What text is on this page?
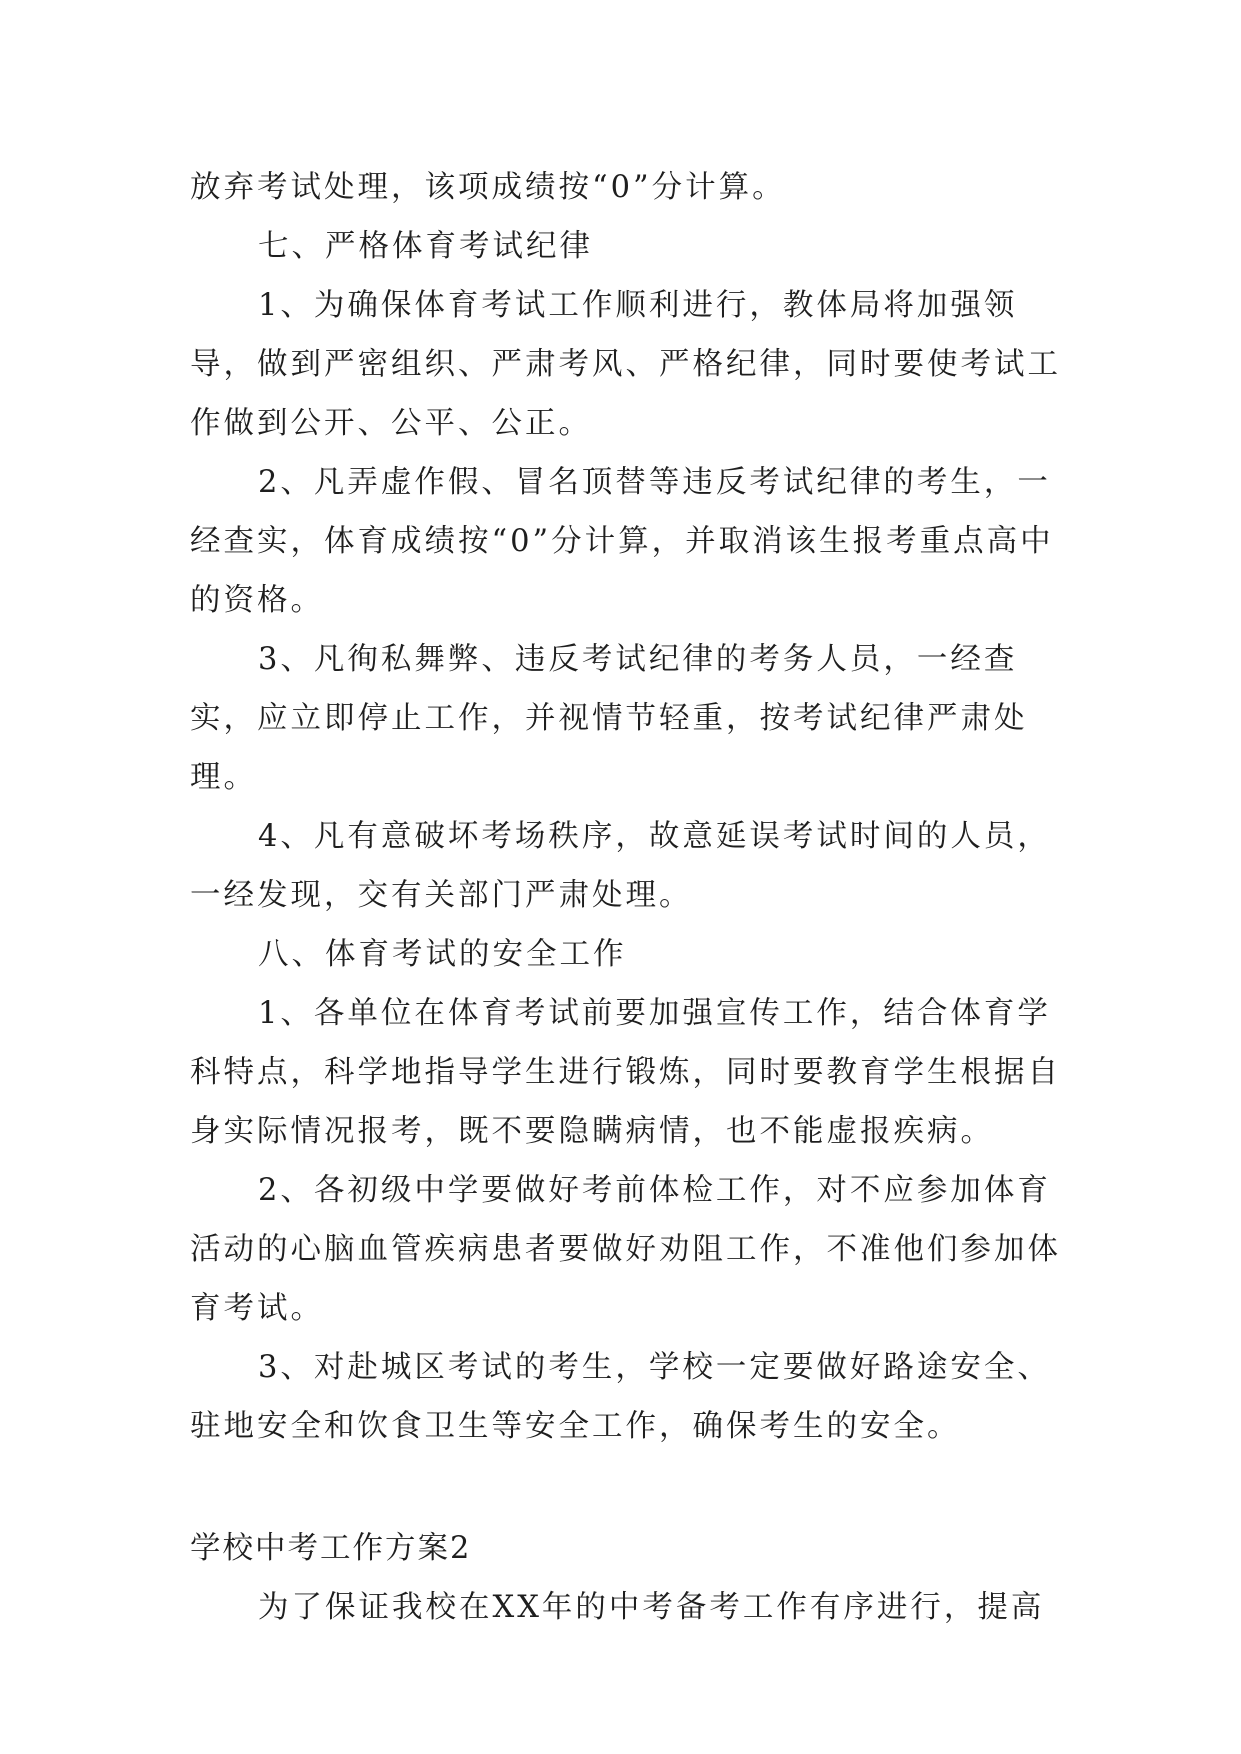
放弃考试处理，该项成绩按“0”分计算。

七、严格体育考试纪律

1、为确保体育考试工作顺利进行，教体局将加强领导，做到严密组织、严肃考风、严格纪律，同时要使考试工作做到公开、公平、公正。

2、凡弄虚作假、冒名顶替等违反考试纪律的考生，一经查实，体育成绩按“0”分计算，并取消该生报考重点高中的资格。

3、凡徇私舞弊、违反考试纪律的考务人员，一经查实，应立即停止工作，并视情节轻重，按考试纪律严肃处理。

4、凡有意破坏考场秩序，故意延误考试时间的人员，一经发现，交有关部门严肃处理。

八、体育考试的安全工作

1、各单位在体育考试前要加强宣传工作，结合体育学科特点，科学地指导学生进行锻炼，同时要教育学生根据自身实际情况报考，既不要隐瞒病情，也不能虚报疾病。

2、各初级中学要做好考前体检工作，对不应参加体育活动的心脑血管疾病患者要做好劝阻工作，不准他们参加体育考试。

3、对赴城区考试的考生，学校一定要做好路途安全、驻地安全和饮食卫生等安全工作，确保考生的安全。

学校中考工作方案2

为了保证我校在XX年的中考备考工作有序进行，提高
